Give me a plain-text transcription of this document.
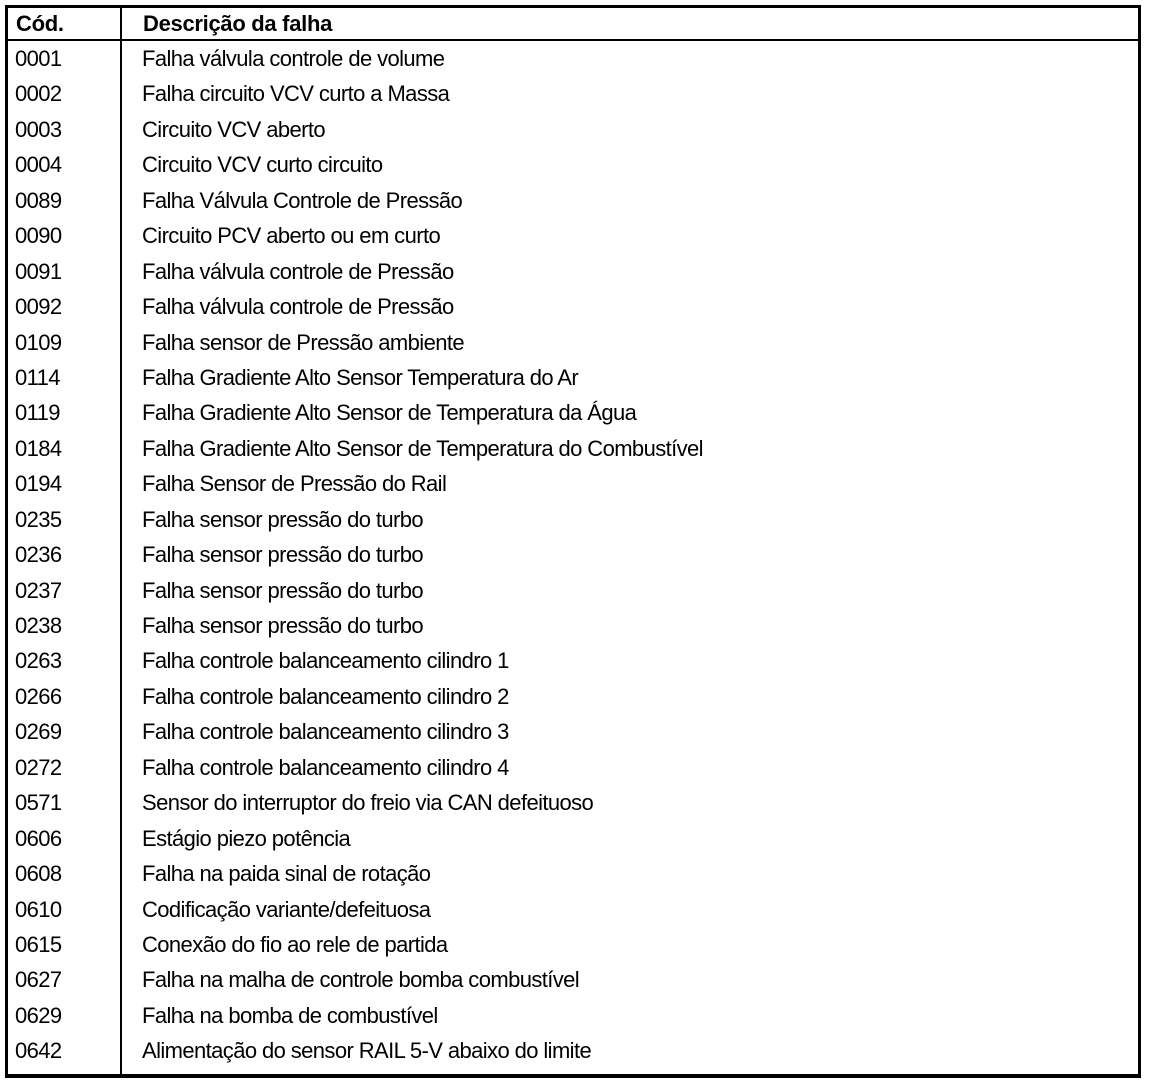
Cód.	Descrição da falha
0001	Falha válvula controle de volume
0002	Falha circuito VCV curto a Massa
0003	Circuito VCV aberto
0004	Circuito VCV curto circuito
0089	Falha Válvula Controle de Pressão
0090	Circuito PCV aberto ou em curto
0091	Falha válvula controle de Pressão
0092	Falha válvula controle de Pressão
0109	Falha sensor de Pressão ambiente
0114	Falha Gradiente Alto Sensor Temperatura do Ar
0119	Falha Gradiente Alto Sensor de Temperatura da Água
0184	Falha Gradiente Alto Sensor de Temperatura do Combustível
0194	Falha Sensor de Pressão do Rail
0235	Falha sensor pressão do turbo
0236	Falha sensor pressão do turbo
0237	Falha sensor pressão do turbo
0238	Falha sensor pressão do turbo
0263	Falha controle balanceamento cilindro 1
0266	Falha controle balanceamento cilindro 2
0269	Falha controle balanceamento cilindro 3
0272	Falha controle balanceamento cilindro 4
0571	Sensor do interruptor do freio via CAN defeituoso
0606	Estágio piezo potência
0608	Falha na paida sinal de rotação
0610	Codificação variante/defeituosa
0615	Conexão do fio ao rele de partida
0627	Falha na malha de controle bomba combustível
0629	Falha na bomba de combustível
0642	Alimentação do sensor RAIL 5-V abaixo do limite
